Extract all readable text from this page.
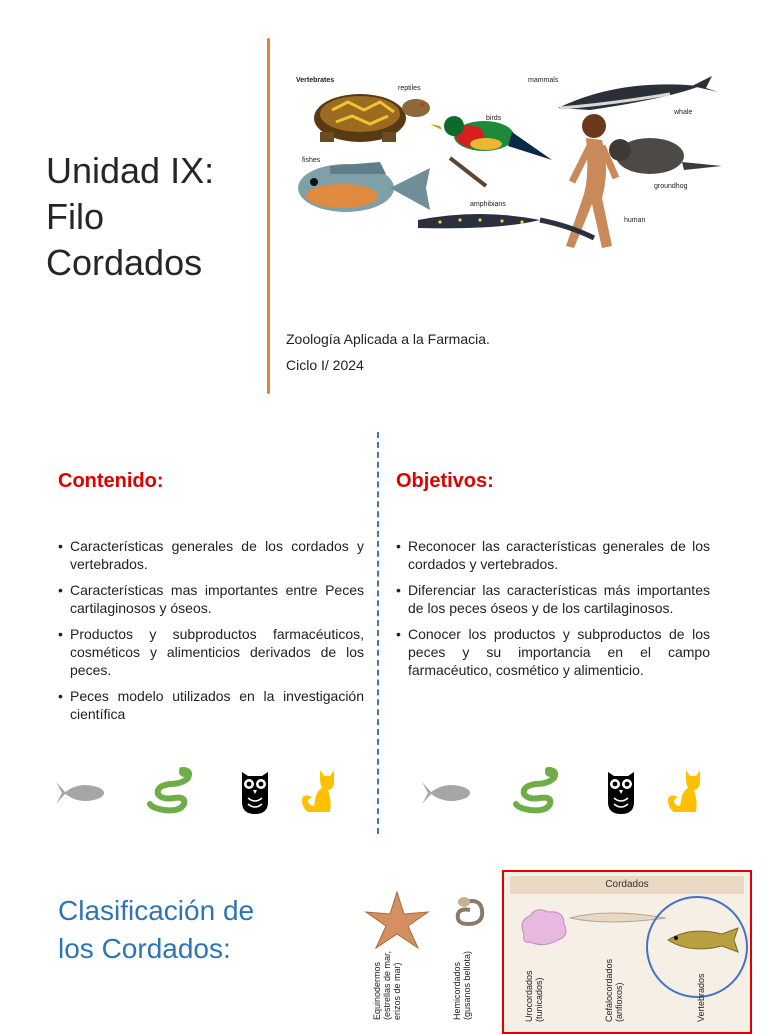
Unidad IX:
Filo
Cordados
Vertebrates
reptiles
mammals
whale
birds
fishes
groundhog
amphibians
human
Zoología Aplicada a la Farmacia.
Ciclo I/ 2024
Contenido:
• Características generales de los cordados y vertebrados.
• Características mas importantes entre Peces cartilaginosos y óseos.
• Productos y subproductos farmacéuticos, cosméticos y alimenticios derivados de los peces.
• Peces modelo utilizados en la investigación científica
Objetivos:
• Reconocer las características generales de los cordados y vertebrados.
• Diferenciar las características más importantes de los peces óseos y de los cartilaginosos.
• Conocer los productos y subproductos de los peces y su importancia en el campo farmacéutico, cosmético y alimenticio.
Clasificación de
los Cordados:
Equinodermos (estrellas de mar, erizos de mar)	Hemicordados (gusanos bellota)
Cordados
Urocordados (tunicados)	Cefalocordados (anfioxos)	Vertebrados
